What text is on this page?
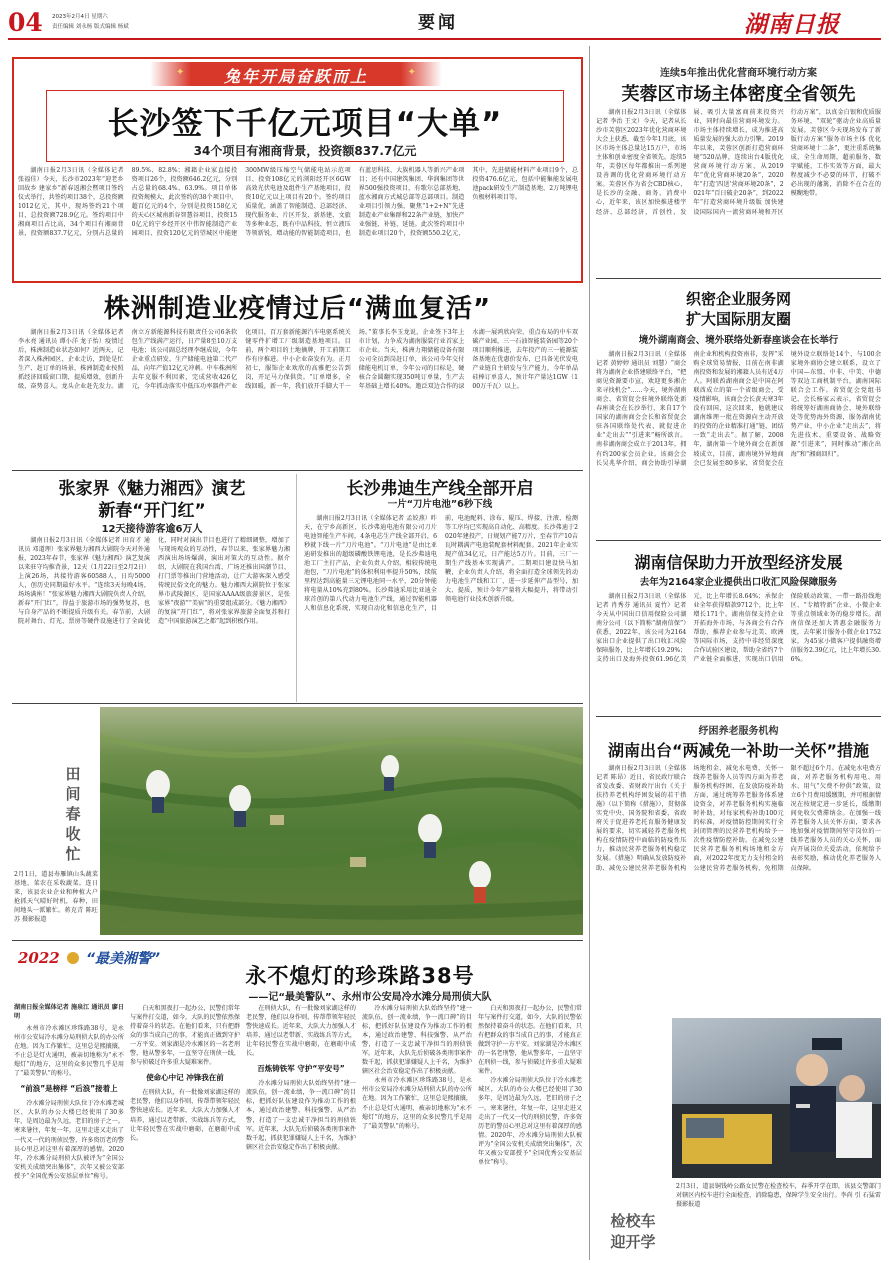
04 2023年2月4日 星期六
责任编辑 刘永杨 版式编辑 杨斌	要闻	湖南日报
✦	兔年开局奋跃而上	✦
长沙签下千亿元项目“大单”
34个项目有湘商背景，投资额837.7亿元

湖南日报2月3日讯（全媒体记者 张福佳）今天，长沙市2023年“迎老乡 回故乡 建家乡”新春返湘会暨项目签约仪式举行，共签约项目38个，总投资额1012亿元，其中，现场签约21个项目，总投资额728.9亿元。签约项目中湘商项目占比高，34个项目有湘商背景，投资额837.7亿元，分别占总量的89.5%、82.8%；湘籍企业家直接投资项目26个，投资额646.2亿元，分别占总量的68.4%、63.9%。项目单体投资规模大，此次签约的38个项目中，超百亿元的4个，分别是投资158亿元的天心区城南新谷智慧谷项目、投资150亿元的宁乡经开区中伟智能制造产业园项目、投资120亿元的望城区中能建300MW级压缩空气储能电站示范项目、投资108亿元的浏阳经开区6GW高效光伏电池及组件生产基地项目，投资10亿元以上项目有20个。签约项目质量优，涵盖了智能制造、总部经济、现代服务业、片区开发、新基建、文旅等多种业态，既有中品科技、恒立液压等领新锐，增动能的智能制造项目，也有蓝思科技、大族机器人等新兴产业项目；还有中国建筑集团、华润集团等世界500强投资项目，有歌尔总部基地、蓝水湘商方式城总部等总部项目。制造业项目引领力强，聚焦“1+2+N”先进制造业产业集群和22条产业链，加快产业强链、补链、延链。此次签约项目中制造业项目20个，投资额550.2亿元，其中，先进储能材料产业项目9个，总投资476.6亿元，包括中能集能发展电池pack研发生产制造基地、2万吨锂电负极材料项目等。

株洲制造业疫情过后“满血复活”

湖南日报2月3日讯（全媒体记者 李永亮 通讯员 谭小洋 龙子怡）疫情过后，株洲制造业状态如何？近两天，记者深入株洲园区、企业走访，到处是忙生产、赶订单的场景，株洲制造业按照抓经济回暖窗口期，提质增效，创新升级，奋势喜人。龙头企业赶先发力。湖南立方新能源科技有限责任公司6条软包生产线满产运行，日产量8至10万支电池；该公司副总经理李继成说，今年企业重点研发、生产储能电池第二代产品，向年产值12亿元冲刺。中车株洲所去年克服不利因素，完成营收426亿元，今年抓动落实中低压功率器件产业化项目，百万套新能源汽车电驱系统关键零件扩增工厂级制造基地项目。目前，两个项目的土地摘牌，开工前期工作有序推进。中小企业奋发有为。正月初七，服饰企业欢欣的高雅把公告到岗，开足马力保供货。“订单增多，全线回暖，新一年，我们放开手脚大干一场。”董事长李玉龙说，企业签下3年上市计划，力争成为湖南服装行业首家上市企业。当天，株洲力翔储能设备有限公司全员到岗赶订单，该公司今年交付储能电机订单，今年公司的目标是，硬核合金圆翻实现350吨订单量，生产去年基础上增长40%。邀泛双边合作的渌水湖一展鸿欣向荣，重点布局的中车双碳产业园、三一石油智能装备园等20个项目顺利推进，去年投产的三一能源装备基地在优惠价发布，已具备光伏发电产业链自主研发与生产能力，今年单晶硅棒订单喜人，预计年产量达1GW（100万千瓦）以上。

张家界《魅力湘西》演艺
新春“开门红”
12天接待游客逾6万人

湖南日报2月3日讯（全媒体记者 田育才 通讯员 邓道理）张家界魅力湘西大剧院今天对外通报，2023年春节，张家界《魅力湘西》演艺复演以来驻守均推背景，12天（1月22日至2月2日）上演26场，共接待游客60588人，日均5000人，创历史同期最好水平。“连续3天每晚4场，场场满座！”张家界魅力湘西大剧院负责人介绍，新春“开门红”，得益于旅游市场的强势复苏，也与自身产品的不断提质升级有关。春节前，大剧院对舞台、灯光、票房等硬件设施进行了全面优化，同时对演出节目也进行了精细调整，增加了与现场观众的互动性，春节以来，张家界魅力湘西演出场场爆满，演出对策大的互动性。据介绍，大剧院在我国台湾、广场还推出国潮节目、打门票等推出门营地活动，让广大游客深入感受传统民俗文化的魅力。魅力湘西大剧院位于张家界市武陵源区，是国家AAAA级旅游景区，是张家界“夜游”“美宿”的重要组成部分。《魅力湘西》的复演“开门红”，将对张家界旅游全面复苏和打造“中国旅游演艺之都”起到积极作用。

长沙弗迪生产线全部开启
一片“刀片电池”6秒下线

湖南日报2月3日讯（全媒体记者 孟姣燕）昨天，在宁乡高新区，长沙弗迪电池有限公司刀片电池智能生产车间，4条电芯生产线全部开启，6秒就下线一片“刀片电池”。“刀片电池”是由比亚迪研发推出的超级磷酸铁锂电池，是长沙弗迪电池工厂主打产品，企业负责人介绍，相较传统电池包，“刀片电池”的体积利用率提升50%，续航里程达到高能量三元锂电池同一水平，20分钟能将电量从10%充到80%。长沙弗迪采用比亚迪全球首创的第八代动力电池生产线，通过智能机器人和信息化系统，实现自动化和信息化生产，目前，电池配料、涂布、辊压、焊接、注液、检测等工序均已实现高自动化、高精度。长沙弗迪于2020年建投产，日规划产能7万片，至春节产10吉瓦时耦满产电池装配套材料配套。2021年企业实现产值34亿元，日产能达5万片。目前，三厂一期生产线基本实现满产。二期项目建设快马加鞭，企业负责人介绍，将全面打造全球领先的动力电池生产线和工厂，进一步延伸产品型号，加大、提质，预计今年产量将大幅提升，将带动引领电池行业技术创新升级。

田
间
春
收
忙

2月1日，道县寿雁镇山头蔬菜基地，菜农在采收蔬菜。连日来，该县农业企业和种植大户抢抓天气晴好时机，春种，田间地头一派繁忙。蒋克青 陈旺苏 摄影报道

2022 “最美湘警”
永不熄灯的珍珠路38号
——记“最美警队”、永州市公安局冷水滩分局刑侦大队

湖南日报全媒体记者 施泉江 通讯员 廖日明

永州市冷水滩区珍珠路38号，是永州市公安局冷水滩分局刑侦大队的办公所在地。因为工作繁忙，这里总是熙攘攘，不止总是灯火通明，被亲切地称为“永不熄灯”的地方，这里的众多民警几乎是用了“最美警队”的称号。

“前浪”是榜样 “后浪”接着上

冷水滩分局刑侦大队位于冷水滩老城区，大队的办公大楼已经使用了30多年，是周边最为久远，老旧的房子之一。寒来暑往，年复一年，这里走进又走出了一代又一代的刑侦民警，许多资历老的警员心里总对这里有着深厚的感情。2020年，冷水滩分局刑侦大队被评为“全国公安机关成绩突出集体”，次年又被公安部授予“全国优秀公安基层单位”称号。

白天和黑夜打一起办公，民警们常年与案件打交道，如今，大队的民警依然保持着奋斗的状态。在他们看来，只有把群众的事当成自己的事，才能真正做到守护一方平安。刘家湖是冷水滩区的一名老刑警，他从警多年，一直坚守在刑侦一线，参与侦破过许多重大疑难案件。

使命心中记 冲锋我在前

在刑侦大队，有一批像刘家湖这样的老民警，他们以身作则，传帮带领年轻民警快速成长。近年来，大队大力加强人才培养，通过以老带新、实战练兵等方式，让年轻民警在实战中磨砺，在磨砺中成长。

在刑侦大队，有一批像刘家湖这样的老民警，他们以身作则，传帮带领年轻民警快速成长。近年来，大队大力加强人才培养，通过以老带新、实战练兵等方式，让年轻民警在实战中磨砺，在磨砺中成长。

百炼铸铁军 守护“平安号”

冷水滩分局刑侦大队始终坚持“建一流队伍，创一流业绩，争一流口碑”的目标，把抓好队伍建设作为推动工作的根本，通过政治建警、科技强警、从严治警，打造了一支忠诚干净担当的刑侦铁军。近年来，大队先后侦破各类刑事案件数千起，抓获犯罪嫌疑人上千名，为维护辖区社会治安稳定作出了积极贡献。

冷水滩分局刑侦大队始终坚持“建一流队伍，创一流业绩，争一流口碑”的目标，把抓好队伍建设作为推动工作的根本，通过政治建警、科技强警、从严治警，打造了一支忠诚干净担当的刑侦铁军。近年来，大队先后侦破各类刑事案件数千起，抓获犯罪嫌疑人上千名，为维护辖区社会治安稳定作出了积极贡献。

永州市冷水滩区珍珠路38号，是永州市公安局冷水滩分局刑侦大队的办公所在地。因为工作繁忙，这里总是熙攘攘，不止总是灯火通明，被亲切地称为“永不熄灯”的地方，这里的众多民警几乎是用了“最美警队”的称号。

白天和黑夜打一起办公，民警们常年与案件打交道，如今，大队的民警依然保持着奋斗的状态。在他们看来，只有把群众的事当成自己的事，才能真正做到守护一方平安。刘家湖是冷水滩区的一名老刑警，他从警多年，一直坚守在刑侦一线，参与侦破过许多重大疑难案件。

冷水滩分局刑侦大队位于冷水滩老城区，大队的办公大楼已经使用了30多年，是周边最为久远，老旧的房子之一。寒来暑往，年复一年，这里走进又走出了一代又一代的刑侦民警，许多资历老的警员心里总对这里有着深厚的感情。2020年，冷水滩分局刑侦大队被评为“全国公安机关成绩突出集体”，次年又被公安部授予“全国优秀公安基层单位”称号。

连续5年推出优化营商环境行动方案
芙蓉区市场主体密度全省领先

湖南日报2月3日讯（全媒体记者 李治 王文）今天，记者从长沙市芙蓉区2023年优化营商环境大会上获悉，截至今年1月底，该区市场主体总量达15万户，市场主体和创业密度全省领先。连续5年，芙蓉区每年都推出一系列建设善调的优化营商环境行动方案。芙蓉区作为省会CBD核心，是长沙的金融、商务、消费中心，近年来，该区加快推进楼宇经济、总部经济，首创性、发展、吸引大量富商前来投资兴业，同时向最佳营商环境发力。市场主体持续增长，成为推进高质量发展的强大动力引擎。2019年以来，芙蓉区创新打造营商环境“520品牌，连续出台4版优化营商环境行动方案，从2019年“优化营商环境20条”，2020年“打造‘四送’营商环境20条”，2021年“百日破企20条”，到2022年“打造营商环境升级版 加快建设国际国内一流营商环境和开区行动方案”，以真金白银和优质服务环境，“双轮”驱动企业高质量发展。芙蓉区今天现场发布了新版行动方案“服务市场主体 优化营商环境十二条”，更注重系统集成，全生命周期，超前服务，数字赋能，工作实效等方面，最大程度减少不必要的环节，打破不必出现的藩篱，消除不在合在的模糊地带。

织密企业服务网
扩大国际朋友圈
境外湖南商会、境外联络处新春座谈会在长举行

湖南日报2月3日讯（全媒体记者 黄婷婷 通讯员 刘慧）“商会将为湖南企业搭建联络平台，“把商见资源要市宣，欢迎更多湘企来寻找机会”……今天，境外湖南商会、省贸促会驻境外联络处新春座谈会在长沙举行，来自17个国家的湖南商会会长和省贸促会驻各国联络处代表，就促进企业“走出去”“引进来”畅所欲言。南非湖南商会成立于2013年，拥有约200家会员企业。该商会会长吴兆华介绍，商会协助引导湖南企业和机构投资南非，发挥“采购全球贸易情报，目前在南非湖南投资和发展的湘籍人员有近4万人。阿联酋湖南商会是中国在阿联酋成立的第一个省级商会，受疫情影响，该商会会长黄天寒3年没有回国，这次回来，他就建议湖南维理一批在资源向主动开放的投资的企业精准打通“链，团结一致“走出去”。据了解，2008年，湖南第一个境外商会在新加坡成立，目前，湖南境外异地商会已发展至80多家，省贸促会在境外设立联络处14个，与100余家境外商协会建立联系，设立了中国—东盟、中非、中美、中德等双边工商机制平台，湖南国际联合会工作。省贸促会党组书记、会长杨家云表示，省贸促会将统筹好湖南商协会、境外联络处等优势海外资源，服务湖南优势产业，中小企业“走出去”，将先进技术、重要设备、战略资源“引进来”，同时推动“湘企出海”和“湘商回归”。

湖南信保助力开放型经济发展
去年为2164家企业提供出口收汇风险保障服务

湖南日报2月3日讯（全媒体记者 肖秀芬 通讯员 夏竹）记者今天从中国出口信用保险公司湖南分公司（以下简称“湖南信保”）获悉，2022年，该公司为2164家出口企业提供了出口收汇风险保障服务，比上年增长19.29%；支持出口及海外投资61.96亿美元，比上年增长8.64%；承保企业全年获得赔款9712个，比上年增长171个。湖南信保支持企业开拓海外市场，与各商会有合作帮助，推荐企业参与北美、欧洲等国际市场，支持中非经贸深度合作试验区建设，帮助全省约7个产业链全面推进，实现出口信用保险联动政策、一带一路沿线地区、“专精特新”企业、小微企业等重点领域业务的稳步增长。湖南信保还加大普惠金融服务力度，去年累计服务小微企业1752家，为45家小微客户提供融资增信服务2.39亿元，比上年增长30.6%。

纾困养老服务机构
湖南出台“两减免一补助一关怀”措施

湖南日报2月3日讯（全媒体记者 陈昂）近日，省民政厅联合省发改委、省财政厅出台《关于扶持养老机构纾困发展的若干措施》（以下简称《措施》），贯彻落实党中央、国务院和省委、省政府关于促进养老托育服务健康发展的要求，切实减轻养老服务机构在疫情防控中面临的防疫性压力，推动民营养老服务机构稳定发展。《措施》明确从发放防疫补助、减免公建民营养老服务机构场地租金、减免水电费、关怀一线养老服务人员等四方面为养老服务机构纾困，在发放防疫补助方面，通过统筹养老服务体系建设资金，对养老服务机构实施临时补助，对每家机构补助100元的标准，对疫情防控期间实行全封闭管理的民营养老机构给予一次性疫情防控补助。在减免公建民营养老服务机构场地租金方面，对2022年度无力支付租金的公建民营养老服务机构，免租期限不超过6个月。在减免水电费方面，对养老服务机构用电、用水、用气“欠费不停供”政策，设立6个月费用缓缴期，并可根据情况在按规定进一步延长，缓缴期间免收欠费滞纳金。在加强一线养老服务人员关怀方面，要求各地加强对疫情期间坚守岗位的一线养老服务人员的关心关怀，面向开展岗位关爱活动，依规给予表彰奖励，推动优化养老服务人员保障。

检校车
迎开学

2月3日，道县铜钱岭公路女民警在检查校车，春季开学在即，该县交警部门对辖区内校车进行全面检查，消除隐患，保障学生安全出行。李尚 引 石猛雷 摄影报道
